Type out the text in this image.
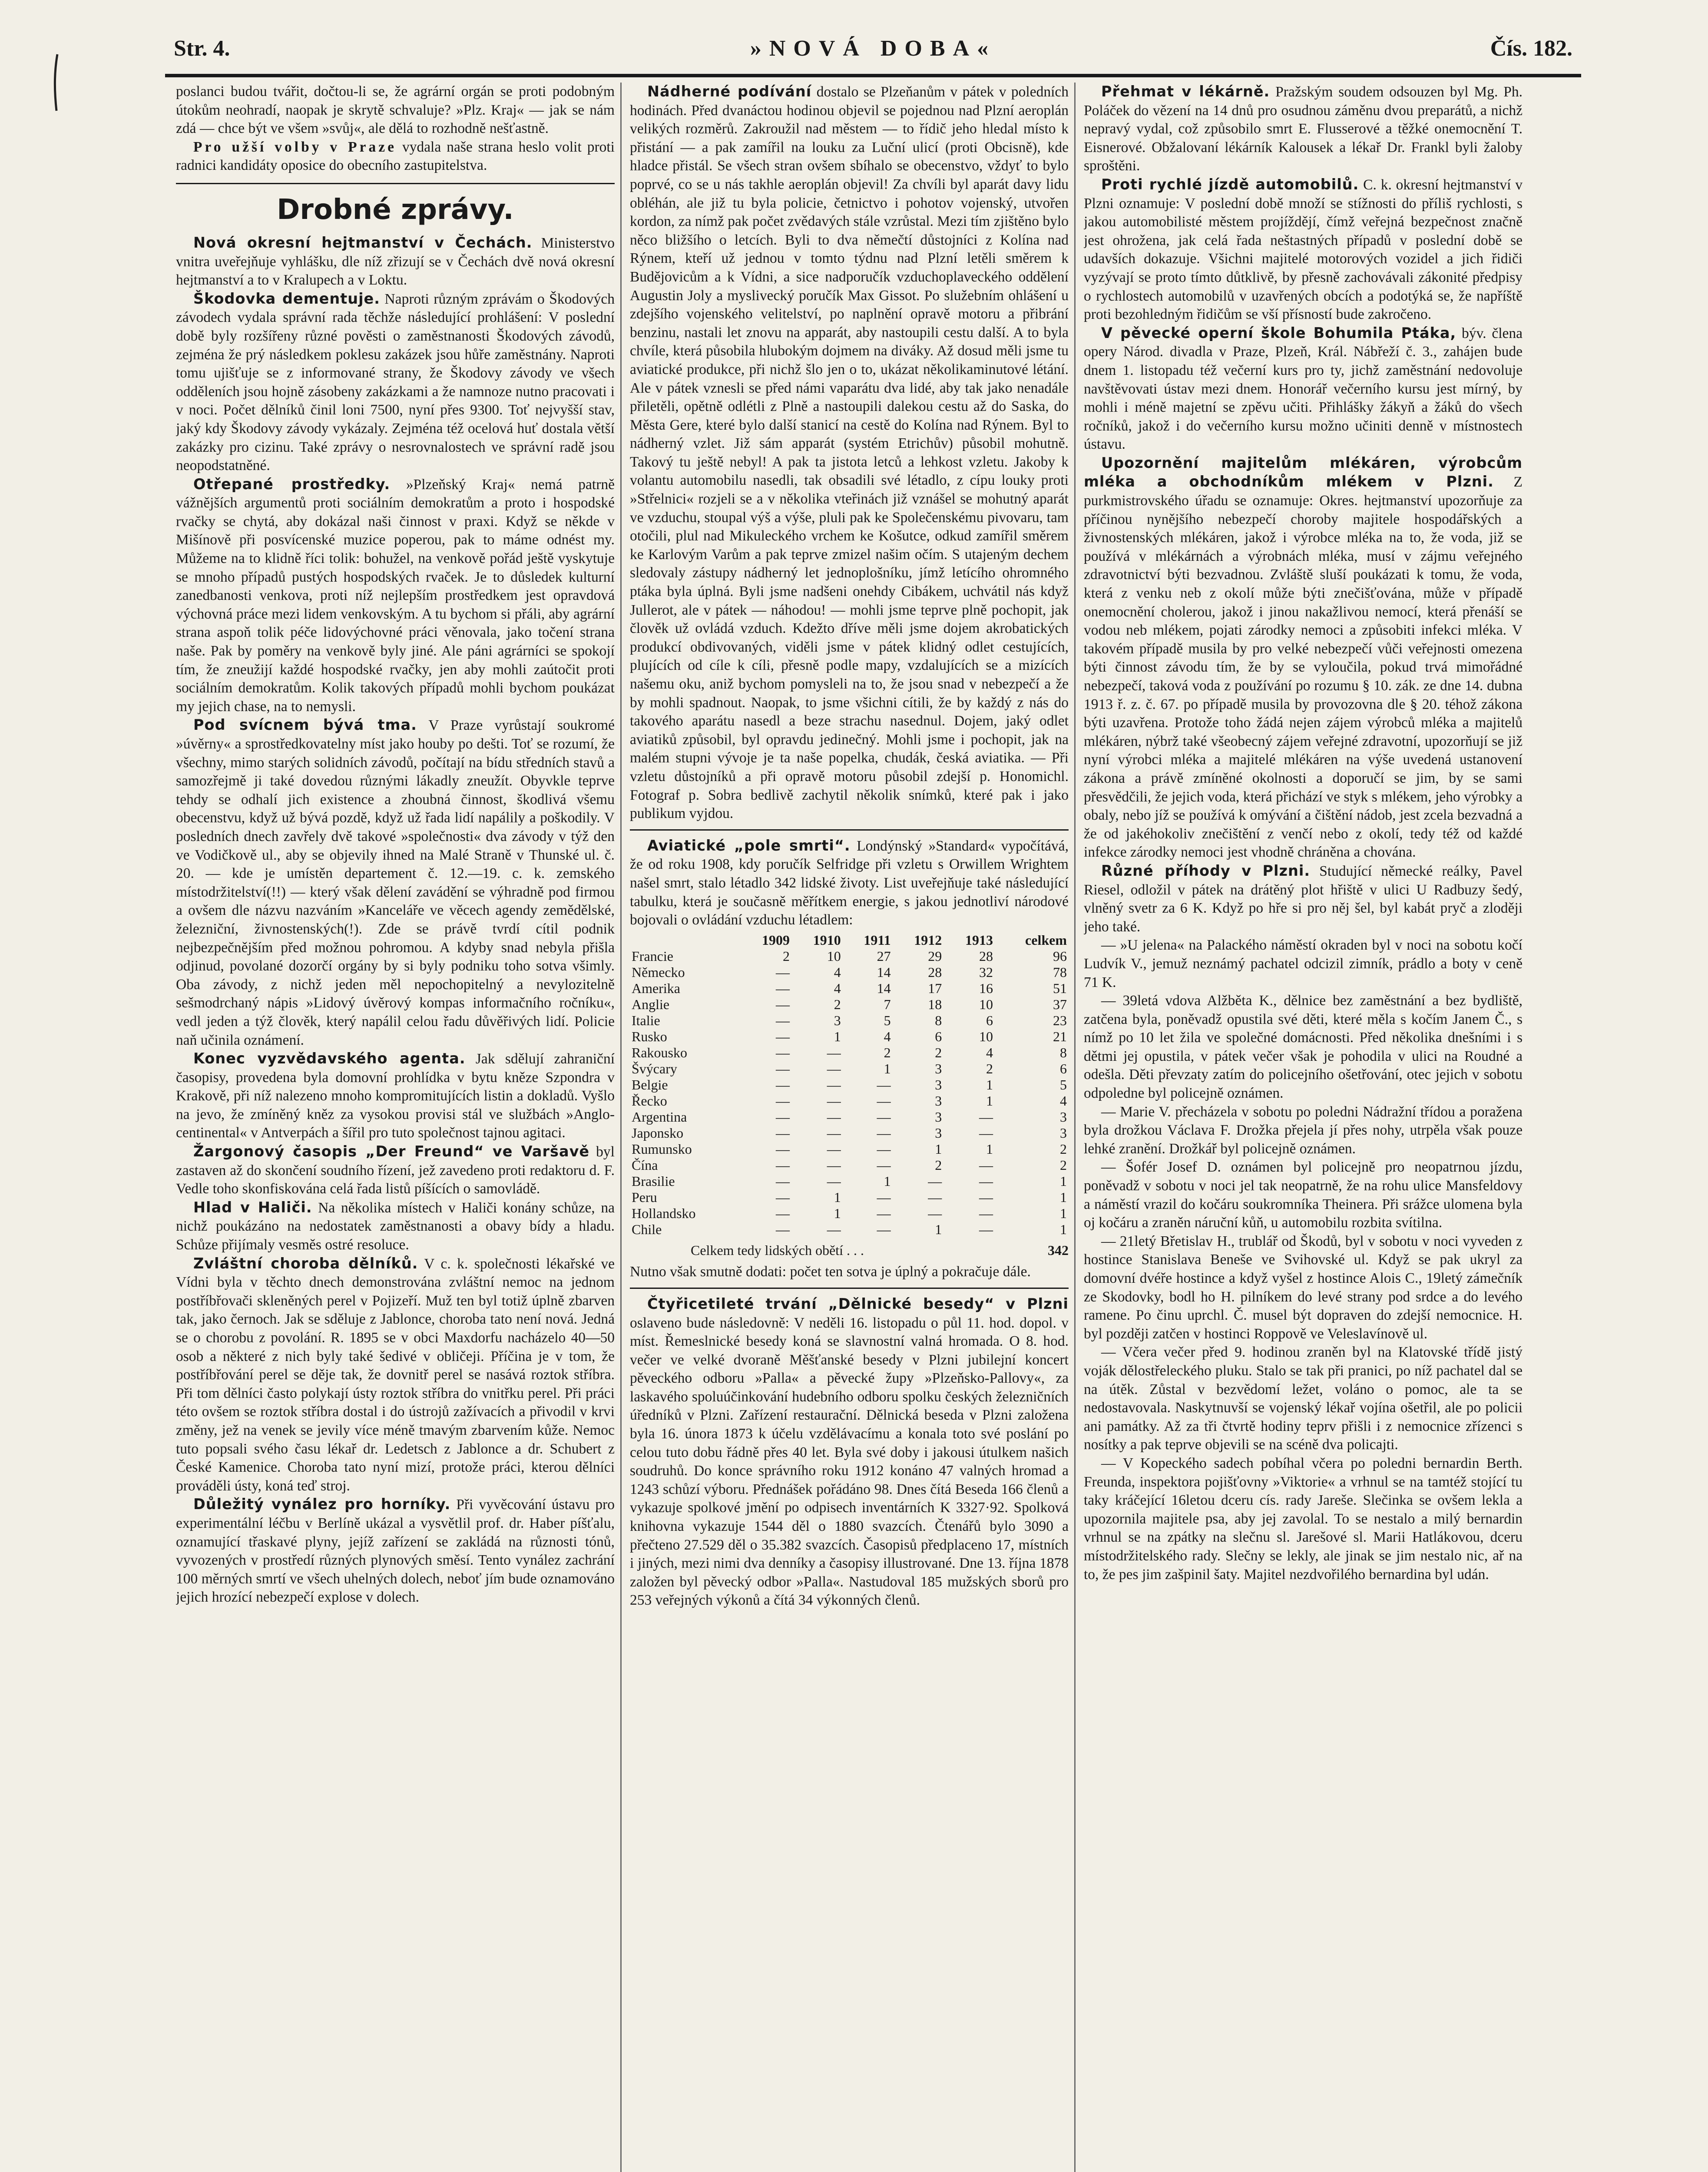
Str. 4.	»NOVÁ DOBA«	Čís. 182.

poslanci budou tvářit, dočtou-li se, že agrární orgán se proti podobným útokům neohradí, naopak je skrytě schvaluje? »Plz. Kraj« — jak se nám zdá — chce být ve všem »svůj«, ale dělá to rozhodně nešťastně.

Pro užší volby v Praze vydala naše strana heslo volit proti radnici kandidáty oposice do obecního zastupitelstva.

Drobné zprávy.

Nová okresní hejtmanství v Čechách. Ministerstvo vnitra uveřejňuje vyhlášku, dle níž zřizují se v Čechách dvě nová okresní hejtmanství a to v Kralupech a v Loktu.

Škodovka dementuje. Naproti různým zprávám o Škodových závodech vydala správní rada těchže následující prohlášení: V poslední době byly rozšířeny různé pověsti o zaměstnanosti Škodových závodů, zejména že prý následkem poklesu zakázek jsou hůře zaměstnány. Naproti tomu ujišťuje se z informované strany, že Škodovy závody ve všech odděleních jsou hojně zásobeny zakázkami a že namnoze nutno pracovati i v noci. Počet dělníků činil loni 7500, nyní přes 9300. Toť nejvyšší stav, jaký kdy Škodovy závody vykázaly. Zejména též ocelová huť dostala větší zakázky pro cizinu. Také zprávy o nesrovnalostech ve správní radě jsou neopodstatněné.

Otřepané prostředky. »Plzeňský Kraj« nemá patrně vážnějších argumentů proti sociálním demokratům a proto i hospodské rvačky se chytá, aby dokázal naši činnost v praxi. Když se někde v Mišínově při posvícenské muzice poperou, pak to máme odnést my. Můžeme na to klidně říci tolik: bohužel, na venkově pořád ještě vyskytuje se mnoho případů pustých hospodských rvaček. Je to důsledek kulturní zanedbanosti venkova, proti níž nejlepším prostředkem jest opravdová výchovná práce mezi lidem venkovským. A tu bychom si přáli, aby agrární strana aspoň tolik péče lidovýchovné práci věnovala, jako točení strana naše. Pak by poměry na venkově byly jiné. Ale páni agrárníci se spokojí tím, že zneužijí každé hospodské rvačky, jen aby mohli zaútočit proti sociálním demokratům. Kolik takových případů mohli bychom poukázat my jejich chase, na to nemysli.

Pod svícnem bývá tma. V Praze vyrůstají soukromé »úvěrny« a sprostředkovatelny míst jako houby po dešti. Toť se rozumí, že všechny, mimo starých solidních závodů, počítají na bídu středních stavů a samozřejmě ji také dovedou různými lákadly zneužít. Obyvkle teprve tehdy se odhalí jich existence a zhoubná činnost, škodlivá všemu obecenstvu, když už bývá pozdě, když už řada lidí napálily a poškodily. V posledních dnech zavřely dvě takové »společnosti« dva závody v týž den ve Vodičkově ul., aby se objevily ihned na Malé Straně v Thunské ul. č. 20. — kde je umístěn departement č. 12.—19. c. k. zemského místodržitelství(!!) — který však dělení zavádění se výhradně pod firmou a ovšem dle názvu nazváním »Kanceláře ve věcech agendy zemědělské, železniční, živnostenských(!). Zde se právě tvrdí cítil podnik nejbezpečnějším před možnou pohromou. A kdyby snad nebyla přišla odjinud, povolané dozorčí orgány by si byly podniku toho sotva všimly. Oba závody, z nichž jeden měl nepochopitelný a nevylozitelně sešmodrchaný nápis »Lidový úvěrový kompas informačního ročníku«, vedl jeden a týž člověk, který napálil celou řadu důvěřivých lidí. Policie naň učinila oznámení.

Konec vyzvědavského agenta. Jak sdělují zahraniční časopisy, provedena byla domovní prohlídka v bytu kněze Szpondra v Krakově, při níž nalezeno mnoho kompromitujících listin a dokladů. Vyšlo na jevo, že zmíněný kněz za vysokou provisi stál ve službách »Anglo-centinental« v Antverpách a šířil pro tuto společnost tajnou agitaci.

Žargonový časopis „Der Freund“ ve Varšavě byl zastaven až do skončení soudního řízení, jež zavedeno proti redaktoru d. F. Vedle toho skonfiskována celá řada listů píšících o samovládě.

Hlad v Haliči. Na několika místech v Haliči konány schůze, na nichž poukázáno na nedostatek zaměstnanosti a obavy bídy a hladu. Schůze přijímaly vesměs ostré resoluce.

Zvláštní choroba dělníků. V c. k. společnosti lékařské ve Vídni byla v těchto dnech demonstrována zvláštní nemoc na jednom postříbřovači skleněných perel v Pojizeří. Muž ten byl totiž úplně zbarven tak, jako černoch. Jak se sděluje z Jablonce, choroba tato není nová. Jedná se o chorobu z povolání. R. 1895 se v obci Maxdorfu nacházelo 40—50 osob a některé z nich byly také šedivé v obličeji. Příčina je v tom, že postříbřování perel se děje tak, že dovnitř perel se nasává roztok stříbra. Při tom dělníci často polykají ústy roztok stříbra do vnitřku perel. Při práci této ovšem se roztok stříbra dostal i do ústrojů zažívacích a přivodil v krvi změny, jež na venek se jevily více méně tmavým zbarvením kůže. Nemoc tuto popsali svého času lékař dr. Ledetsch z Jablonce a dr. Schubert z České Kamenice. Choroba tato nyní mizí, protože práci, kterou dělníci prováděli ústy, koná teď stroj.

Důležitý vynález pro horníky. Při vyvěcování ústavu pro experimentální léčbu v Berlíně ukázal a vysvětlil prof. dr. Haber píšťalu, oznamující třaskavé plyny, jejíž zařízení se zakládá na různosti tónů, vyvozených v prostředí různých plynových směsí. Tento vynález zachrání 100 měrných smrtí ve všech uhelných dolech, neboť jím bude oznamováno jejich hrozící nebezpečí explose v dolech.

Nádherné podívání dostalo se Plzeňanům v pátek v poledních hodinách. Před dvanáctou hodinou objevil se pojednou nad Plzní aeroplán velikých rozměrů. Zakroužil nad městem — to řídič jeho hledal místo k přistání — a pak zamířil na louku za Luční ulicí (proti Obcisně), kde hladce přistál. Se všech stran ovšem sbíhalo se obecenstvo, vždyť to bylo poprvé, co se u nás takhle aeroplán objevil! Za chvíli byl aparát davy lidu obléhán, ale již tu byla policie, četnictvo i pohotov vojenský, utvořen kordon, za nímž pak počet zvědavých stále vzrůstal. Mezi tím zjištěno bylo něco bližšího o letcích. Byli to dva němečtí důstojníci z Kolína nad Rýnem, kteří už jednou v tomto týdnu nad Plzní letěli směrem k Budějovicům a k Vídni, a sice nadporučík vzduchoplaveckého oddělení Augustin Joly a myslivecký poručík Max Gissot. Po služebním ohlášení u zdejšího vojenského velitelství, po naplnění opravě motoru a přibrání benzinu, nastali let znovu na apparát, aby nastoupili cestu další. A to byla chvíle, která působila hlubokým dojmem na diváky. Až dosud měli jsme tu aviatické produkce, při nichž šlo jen o to, ukázat několikaminutové létání. Ale v pátek vznesli se před námi vaparátu dva lidé, aby tak jako nenadále přiletěli, opětně odlétli z Plně a nastoupili dalekou cestu až do Saska, do Města Gere, které bylo další stanicí na cestě do Kolína nad Rýnem. Byl to nádherný vzlet. Již sám apparát (systém Etrichův) působil mohutně. Takový tu ještě nebyl! A pak ta jistota letců a lehkost vzletu. Jakoby k volantu automobilu nasedli, tak obsadili své létadlo, z cípu louky proti »Střelnici« rozjeli se a v několika vteřinách již vznášel se mohutný aparát ve vzduchu, stoupal výš a výše, pluli pak ke Společenskému pivovaru, tam otočili, plul nad Mikuleckého vrchem ke Košutce, odkud zamířil směrem ke Karlovým Varům a pak teprve zmizel našim očím. S utajeným dechem sledovaly zástupy nádherný let jednoplošníku, jímž letícího ohromného ptáka byla úplná. Byli jsme nadšeni onehdy Cibákem, uchvátil nás když Jullerot, ale v pátek — náhodou! — mohli jsme teprve plně pochopit, jak člověk už ovládá vzduch. Kdežto dříve měli jsme dojem akrobatických produkcí obdivovaných, viděli jsme v pátek klidný odlet cestujících, plujících od cíle k cíli, přesně podle mapy, vzdalujících se a mizících našemu oku, aniž bychom pomysleli na to, že jsou snad v nebezpečí a že by mohli spadnout. Naopak, to jsme všichni cítili, že by každý z nás do takového aparátu nasedl a beze strachu nasednul. Dojem, jaký odlet aviatiků způsobil, byl opravdu jedinečný. Mohli jsme i pochopit, jak na malém stupni vývoje je ta naše popelka, chudák, česká aviatika. — Při vzletu důstojníků a při opravě motoru působil zdejší p. Honomichl. Fotograf p. Sobra bedlivě zachytil několik snímků, které pak i jako publikum vyjdou.

Aviatické „pole smrti“. Londýnský »Standard« vypočítává, že od roku 1908, kdy poručík Selfridge při vzletu s Orwillem Wrightem našel smrt, stalo létadlo 342 lidské životy. List uveřejňuje také následující tabulku, která je současně měřítkem energie, s jakou jednotliví národové bojovali o ovládání vzduchu létadlem:

	1909	1910	1911	1912	1913	celkem
Francie	2	10	27	29	28	96
Německo	—	4	14	28	32	78
Amerika	—	4	14	17	16	51
Anglie	—	2	7	18	10	37
Italie	—	3	5	8	6	23
Rusko	—	1	4	6	10	21
Rakousko	—	—	2	2	4	8
Švýcary	—	—	1	3	2	6
Belgie	—	—	—	3	1	5
Řecko	—	—	—	3	1	4
Argentina	—	—	—	3	—	3
Japonsko	—	—	—	3	—	3
Rumunsko	—	—	—	1	1	2
Čína	—	—	—	2	—	2
Brasilie	—	—	1	—	—	1
Peru	—	1	—	—	—	1
Hollandsko	—	1	—	—	—	1
Chile	—	—	—	1	—	1
Celkem tedy lidských obětí . . .	342

Nutno však smutně dodati: počet ten sotva je úplný a pokračuje dále.

Čtyřicetileté trvání „Dělnické besedy“ v Plzni oslaveno bude následovně: V neděli 16. listopadu o půl 11. hod. dopol. v míst. Řemeslnické besedy koná se slavnostní valná hromada. O 8. hod. večer ve velké dvoraně Měšťanské besedy v Plzni jubilejní koncert pěveckého odboru »Palla« a pěvecké župy »Plzeňsko-Pallovy«, za laskavého spoluúčinkování hudebního odboru spolku českých železničních úředníků v Plzni. Zařízení restaurační. Dělnická beseda v Plzni založena byla 16. února 1873 k účelu vzdělávacímu a konala toto své poslání po celou tuto dobu řádně přes 40 let. Byla své doby i jakousi útulkem našich soudruhů. Do konce správního roku 1912 konáno 47 valných hromad a 1243 schůzí výboru. Přednášek pořádáno 98. Dnes čítá Beseda 166 členů a vykazuje spolkové jmění po odpisech inventárních K 3327·92. Spolková knihovna vykazuje 1544 děl o 1880 svazcích. Čtenářů bylo 3090 a přečteno 27.529 děl o 35.382 svazcích. Časopisů předplaceno 17, místních i jiných, mezi nimi dva denníky a časopisy illustrované. Dne 13. října 1878 založen byl pěvecký odbor »Palla«. Nastudoval 185 mužských sborů pro 253 veřejných výkonů a čítá 34 výkonných členů.

Přehmat v lékárně. Pražským soudem odsouzen byl Mg. Ph. Poláček do vězení na 14 dnů pro osudnou záměnu dvou preparátů, a nichž nepravý vydal, což způsobilo smrt E. Flusserové a těžké onemocnění T. Eisnerové. Obžalovaní lékárník Kalousek a lékař Dr. Frankl byli žaloby sproštěni.

Proti rychlé jízdě automobilů. C. k. okresní hejtmanství v Plzni oznamuje: V poslední době množí se stížnosti do příliš rychlosti, s jakou automobilisté městem projíždějí, čímž veřejná bezpečnost značně jest ohrožena, jak celá řada neštastných případů v poslední době se udavších dokazuje. Všichni majitelé motorových vozidel a jich řidiči vyzývají se proto tímto důtklivě, by přesně zachovávali zákonité předpisy o rychlostech automobilů v uzavřených obcích a podotýká se, že napříště proti bezohledným řidičům se vší přísností bude zakročeno.

V pěvecké operní škole Bohumila Ptáka, býv. člena opery Národ. divadla v Praze, Plzeň, Král. Nábřeží č. 3., zahájen bude dnem 1. listopadu též večerní kurs pro ty, jichž zaměstnání nedovoluje navštěvovati ústav mezi dnem. Honorář večerního kursu jest mírný, by mohli i méně majetní se zpěvu učiti. Přihlášky žákyň a žáků do všech ročníků, jakož i do večerního kursu možno učiniti denně v místnostech ústavu.

Upozornění majitelům mlékáren, výrobcům mléka a obchodníkům mlékem v Plzni. Z purkmistrovského úřadu se oznamuje: Okres. hejtmanství upozorňuje za příčinou nynějšího nebezpečí choroby majitele hospodářských a živnostenských mlékáren, jakož i výrobce mléka na to, že voda, již se používá v mlékárnách a výrobnách mléka, musí v zájmu veřejného zdravotnictví býti bezvadnou. Zvláště sluší poukázati k tomu, že voda, která z venku neb z okolí může býti znečišťována, může v případě onemocnění cholerou, jakož i jinou nakažlivou nemocí, která přenáší se vodou neb mlékem, pojati zárodky nemoci a způsobiti infekci mléka. V takovém případě musila by pro velké nebezpečí vůči veřejnosti omezena býti činnost závodu tím, že by se vyloučila, pokud trvá mimořádné nebezpečí, taková voda z používání po rozumu § 10. zák. ze dne 14. dubna 1913 ř. z. č. 67. po případě musila by provozovna dle § 20. téhož zákona býti uzavřena. Protože toho žádá nejen zájem výrobců mléka a majitelů mlékáren, nýbrž také všeobecný zájem veřejné zdravotní, upozorňují se již nyní výrobci mléka a majitelé mlékáren na výše uvedená ustanovení zákona a právě zmíněné okolnosti a doporučí se jim, by se sami přesvědčili, že jejich voda, která přichází ve styk s mlékem, jeho výrobky a obaly, nebo jíž se používá k omývání a čištění nádob, jest zcela bezvadná a že od jakéhokoliv znečištění z venčí nebo z okolí, tedy též od každé infekce zárodky nemoci jest vhodně chráněna a chována.

Různé příhody v Plzni. Studující německé reálky, Pavel Riesel, odložil v pátek na drátěný plot hřiště v ulici U Radbuzy šedý, vlněný svetr za 6 K. Když po hře si pro něj šel, byl kabát pryč a zloději jeho také.

— »U jelena« na Palackého náměstí okraden byl v noci na sobotu kočí Ludvík V., jemuž neznámý pachatel odcizil zimník, prádlo a boty v ceně 71 K.

— 39letá vdova Alžběta K., dělnice bez zaměstnání a bez bydliště, zatčena byla, poněvadž opustila své děti, které měla s kočím Janem Č., s nímž po 10 let žila ve společné domácnosti. Před několika dnešními i s dětmi jej opustila, v pátek večer však je pohodila v ulici na Roudné a odešla. Děti převzaty zatím do policejního ošetřování, otec jejich v sobotu odpoledne byl policejně oznámen.

— Marie V. přecházela v sobotu po poledni Nádražní třídou a poražena byla drožkou Václava F. Drožka přejela jí přes nohy, utrpěla však pouze lehké zranění. Drožkář byl policejně oznámen.

— Šofér Josef D. oznámen byl policejně pro neopatrnou jízdu, poněvadž v sobotu v noci jel tak neopatrně, že na rohu ulice Mansfeldovy a náměstí vrazil do kočáru soukromníka Theinera. Při srážce ulomena byla oj kočáru a zraněn náruční kůň, u automobilu rozbita svítilna.

— 21letý Břetislav H., trublář od Škodů, byl v sobotu v noci vyveden z hostince Stanislava Beneše ve Svihovské ul. Když se pak ukryl za domovní dvéře hostince a když vyšel z hostince Alois C., 19letý zámečník ze Skodovky, bodl ho H. pilníkem do levé strany pod srdce a do levého ramene. Po činu uprchl. Č. musel být dopraven do zdejší nemocnice. H. byl později zatčen v hostinci Roppově ve Veleslavínově ul.

— Včera večer před 9. hodinou zraněn byl na Klatovské třídě jistý voják dělostřeleckého pluku. Stalo se tak při pranici, po níž pachatel dal se na útěk. Zůstal v bezvědomí ležet, voláno o pomoc, ale ta se nedostavovala. Naskytnuvší se vojenský lékař vojína ošetřil, ale po policii ani památky. Až za tři čtvrtě hodiny teprv přišli i z nemocnice zřízenci s nosítky a pak teprve objevili se na scéně dva policajti.

— V Kopeckého sadech pobíhal včera po poledni bernardin Berth. Freunda, inspektora pojišťovny »Viktorie« a vrhnul se na tamtéž stojící tu taky kráčející 16letou dceru cís. rady Jareše. Slečinka se ovšem lekla a upozornila majitele psa, aby jej zavolal. To se nestalo a milý bernardin vrhnul se na zpátky na slečnu sl. Jarešové sl. Marii Hatlákovou, dceru místodržitelského rady. Slečny se lekly, ale jinak se jim nestalo nic, ař na to, že pes jim zašpinil šaty. Majitel nezdvořilého bernardina byl udán.
